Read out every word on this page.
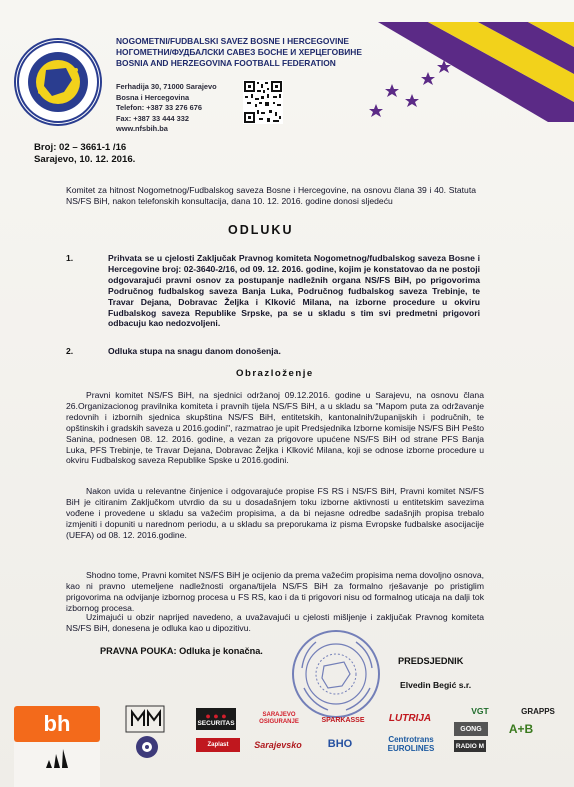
NOGOMETNI/FUDBALSKI SAVEZ BOSNE I HERCEGOVINE
НОГОМЕТНИ/ФУДБАЛСКИ САВЕЗ БОСНЕ И ХЕРЦЕГОВИНЕ
BOSNIA AND HERZEGOVINA FOOTBALL FEDERATION
Ferhadija 30, 71000 Sarajevo
Bosna i Hercegovina
Telefon: +387 33 276 676
Fax: +387 33 444 332
www.nfsbih.ba
Broj: 02 – 3661-1 /16
Sarajevo, 10. 12. 2016.

Komitet za hitnost Nogometnog/Fudbalskog saveza Bosne i Hercegovine, na osnovu člana 39 i 40. Statuta NS/FS BiH, nakon telefonskih konsultacija, dana 10. 12. 2016. godine donosi sljedeću

ODLUKU
1.	Prihvata se u cjelosti Zaključak Pravnog komiteta Nogometnog/fudbalskog saveza Bosne i Hercegovine broj: 02-3640-2/16, od 09. 12. 2016. godine, kojim je konstatovao da ne postoji odgovarajući pravni osnov za postupanje nadležnih organa NS/FS BiH, po prigovorima Područnog fudbalskog saveza Banja Luka, Područnog fudbalskog saveza Trebinje, te Travar Dejana, Dobravac Željka i Klković Milana, na izborne procedure u okviru Fudbalskog saveza Republike Srpske, pa se u skladu s tim svi predmetni prigovori odbacuju kao nedozvoljeni.

2.	Odluka stupa na snagu danom donošenja.

Obrazloženje

Pravni komitet NS/FS BiH, na sjednici održanoj 09.12.2016. godine u Sarajevu, na osnovu člana 26.Organizacionog pravilnika komiteta i pravnih tijela NS/FS BiH, a u skladu sa "Mapom puta za održavanje redovnih i izbornih sjednica skupština NS/FS BiH, entitetskih, kantonalnih/županijskih i područnih, te opštinskih i gradskih saveza u 2016.godini", razmatrao je upit Predsjednika Izborne komisije NS/FS BiH Pešto Sanina, podnesen 08. 12. 2016. godine, a vezan za prigovore upućene NS/FS BiH od strane PFS Banja Luka, PFS Trebinje, te Travar Dejana, Dobravac Željka i Klković Milana, koji se odnose izborne procedure u okviru Fudbalskog saveza Republike Spske u 2016.godini.

Nakon uvida u relevantne činjenice i odgovarajuće propise FS RS i NS/FS BiH, Pravni komitet NS/FS BiH je citiranim Zaključkom utvrdio da su u dosadašnjem toku izborne aktivnosti u entitetskim savezima vođene i provedene u skladu sa važećim propisima, a da bi nejasne odredbe sadašnjih propisa trebalo izmjeniti i dopuniti u narednom periodu, a u skladu sa preporukama iz pisma Evropske fudbalske asocijacije (UEFA) od 08. 12. 2016.godine.

Shodno tome, Pravni komitet NS/FS BiH je ocijenio da prema važećim propisima nema dovoljno osnova, kao ni pravno utemeljene nadležnosti organa/tijela NS/FS BiH za formalno rješavanje po pristiglim prigovorima na odvijanje izbornog procesa u FS RS, kao i da ti prigovori nisu od formalnog uticaja na dalji tok izbornog procesa.

Uzimajući u obzir naprijed navedeno, a uvažavajući u cjelosti mišljenje i zaključak Pravnog komiteta NS/FS BiH, donesena je odluka kao u dipozitivu.

PRAVNA POUKA: Odluka je konačna.
PREDSJEDNIK
Elvedin Begić s.r.
bh	● ● ●
SECURITAS
SARAJEVO OSIGURANJE	SPARKASSE	LUTRIJA
VGT	GRAPPS
GONG	A+B
RADIO M
Zaplast	Sarajevsko	BHO	Centrotrans
EUROLINES
